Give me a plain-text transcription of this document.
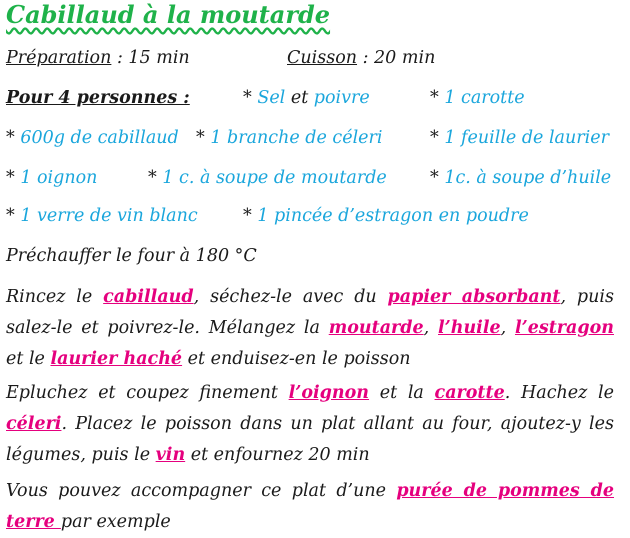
Cabillaud à la moutarde
Préparation : 15 min	Cuisson : 20 min
Pour 4 personnes :	* Sel et poivre	* 1 carotte
* 600g de cabillaud * 1 branche de céleri	* 1 feuille de laurier
* 1 oignon	* 1 c. à soupe de moutarde * 1c. à soupe d’huile
* 1 verre de vin blanc	* 1 pincée d’estragon en poudre
Préchauffer le four à 180 °C
Rincez le cabillaud, séchez-le avec du papier absorbant, puis salez-le et poivrez-le. Mélangez la moutarde, l’huile, l’estragon et le laurier haché et enduisez-en le poisson
Epluchez et coupez finement l’oignon et la carotte. Hachez le céleri. Placez le poisson dans un plat allant au four, ajoutez-y les légumes, puis le vin et enfournez 20 min
Vous pouvez accompagner ce plat d’une purée de pommes de terre par exemple
